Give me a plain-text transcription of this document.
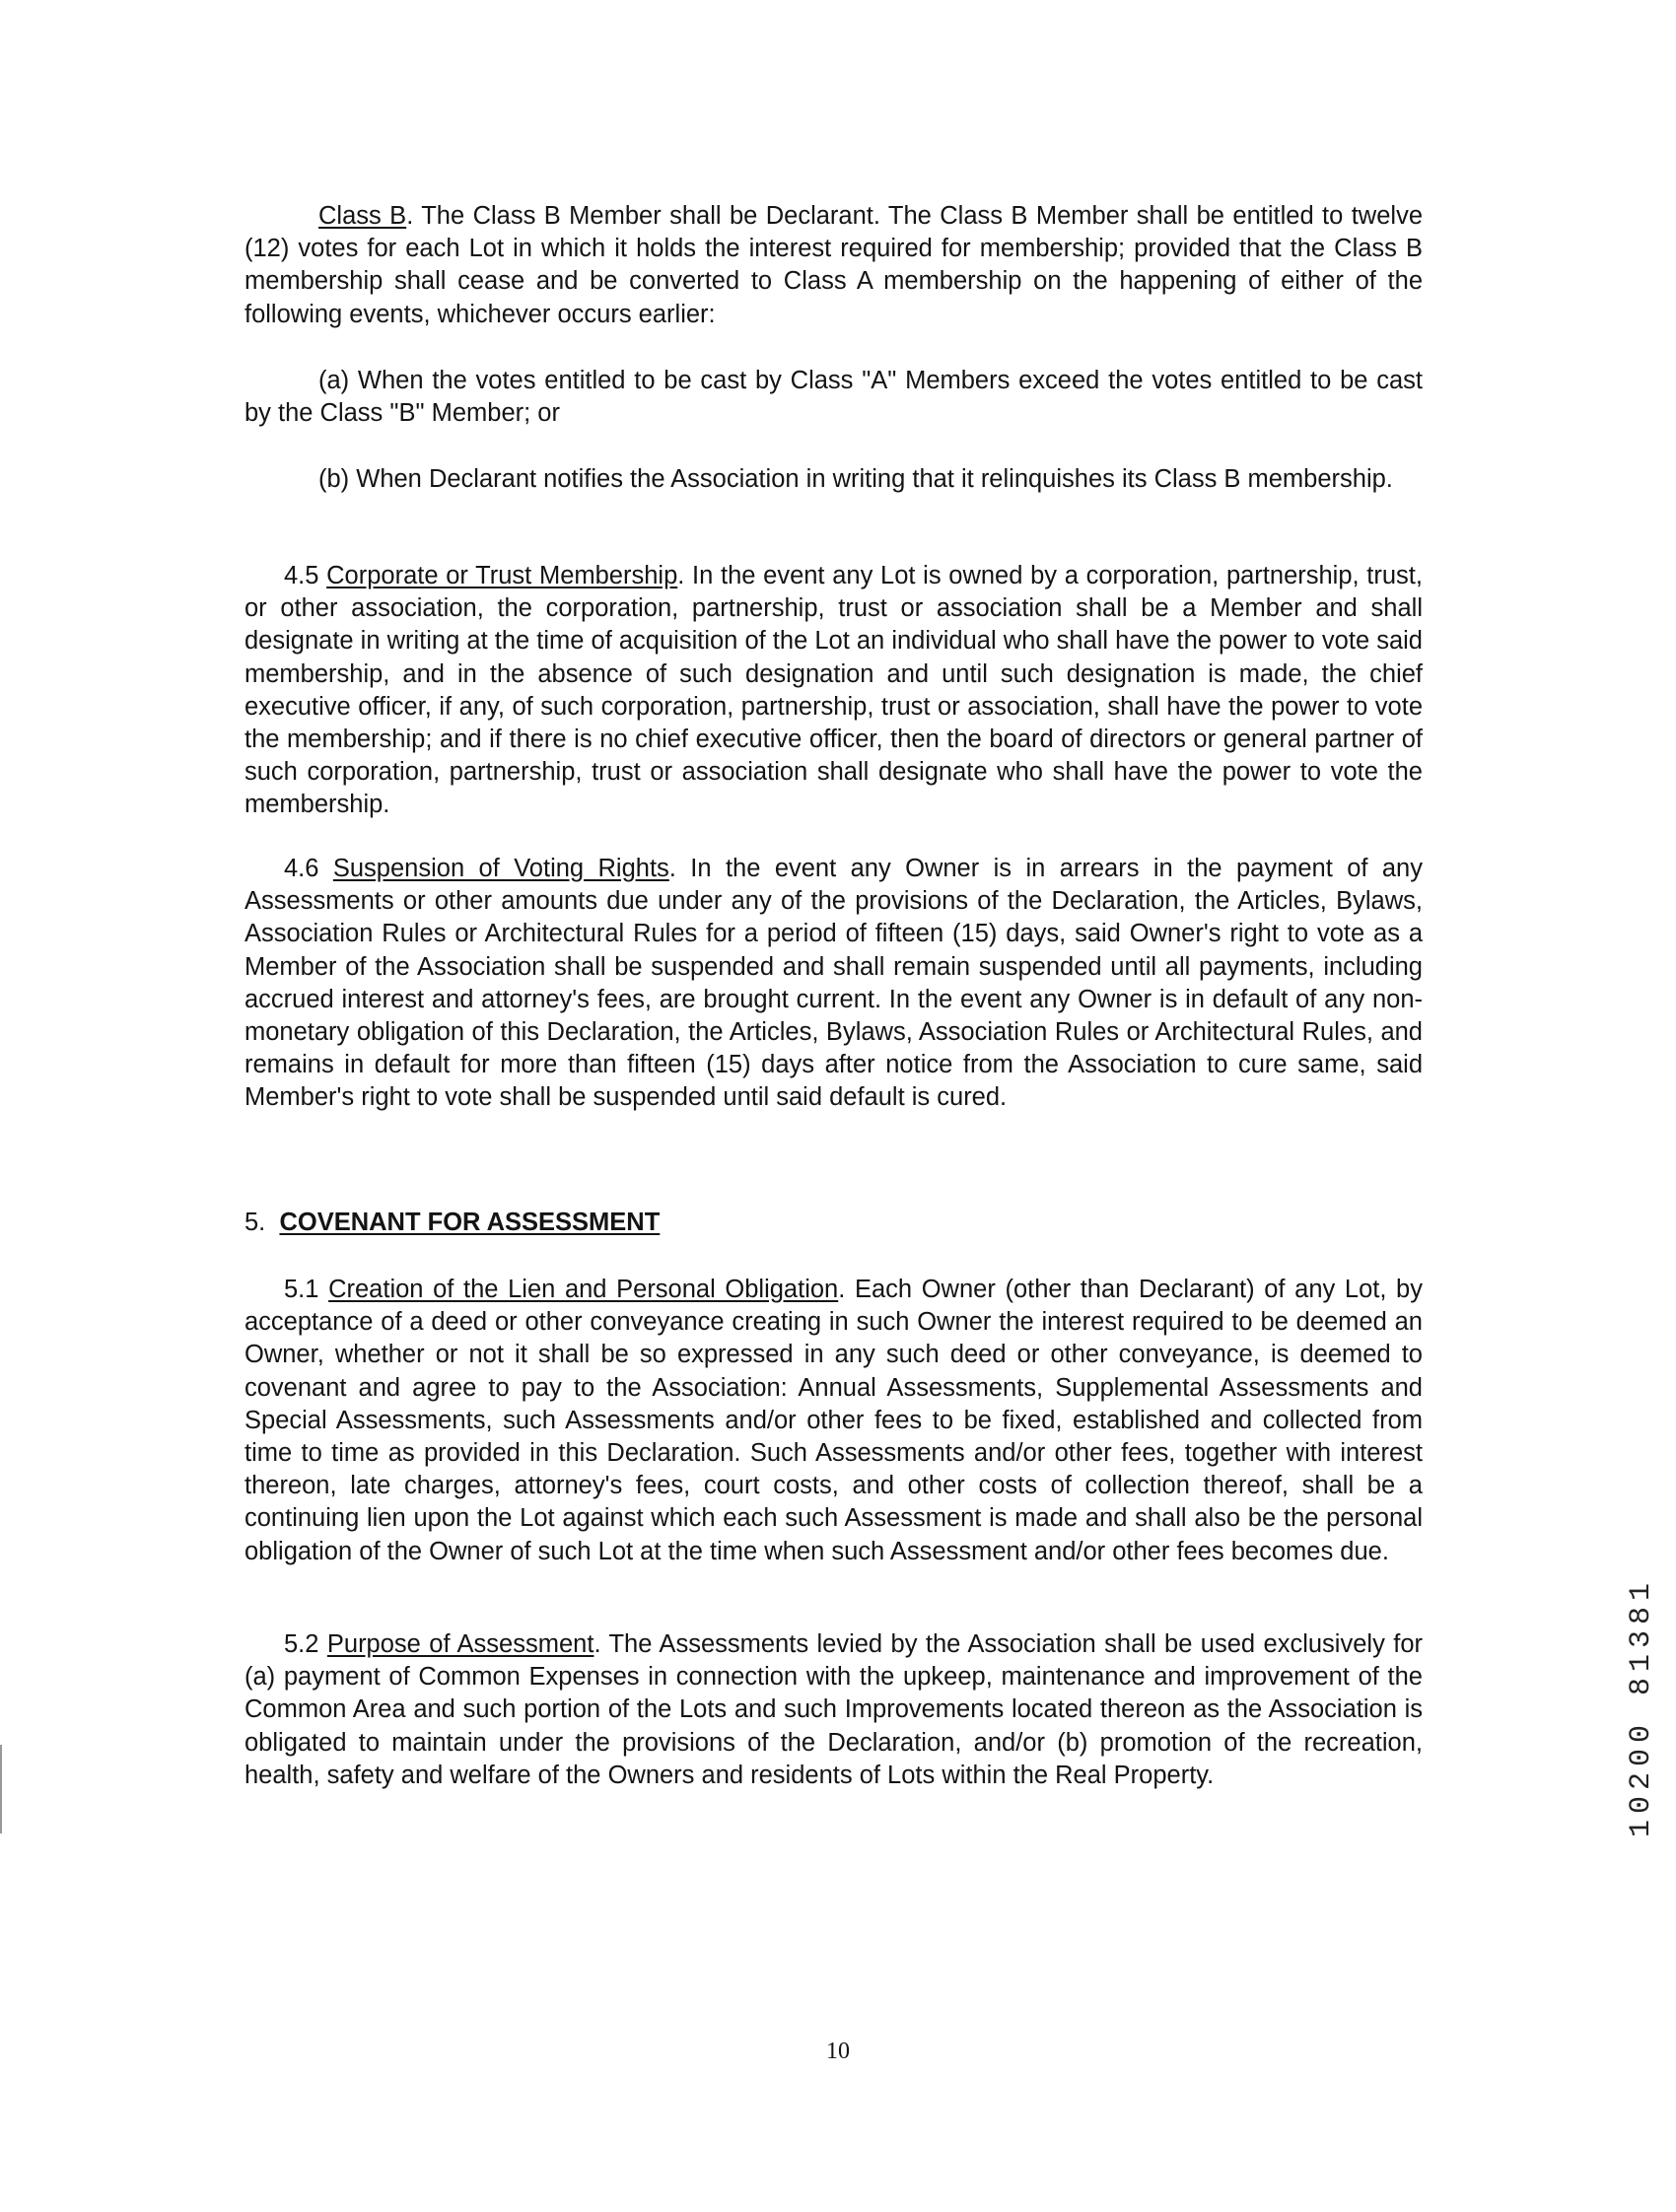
Class B. The Class B Member shall be Declarant. The Class B Member shall be entitled to twelve (12) votes for each Lot in which it holds the interest required for membership; provided that the Class B membership shall cease and be converted to Class A membership on the happening of either of the following events, whichever occurs earlier:

(a) When the votes entitled to be cast by Class "A" Members exceed the votes entitled to be cast by the Class "B" Member; or

(b) When Declarant notifies the Association in writing that it relinquishes its Class B membership.

4.5 Corporate or Trust Membership. In the event any Lot is owned by a corporation, partnership, trust, or other association, the corporation, partnership, trust or association shall be a Member and shall designate in writing at the time of acquisition of the Lot an individual who shall have the power to vote said membership, and in the absence of such designation and until such designation is made, the chief executive officer, if any, of such corporation, partnership, trust or association, shall have the power to vote the membership; and if there is no chief executive officer, then the board of directors or general partner of such corporation, partnership, trust or association shall designate who shall have the power to vote the membership.

4.6 Suspension of Voting Rights. In the event any Owner is in arrears in the payment of any Assessments or other amounts due under any of the provisions of the Declaration, the Articles, Bylaws, Association Rules or Architectural Rules for a period of fifteen (15) days, said Owner's right to vote as a Member of the Association shall be suspended and shall remain suspended until all payments, including accrued interest and attorney's fees, are brought current. In the event any Owner is in default of any non-monetary obligation of this Declaration, the Articles, Bylaws, Association Rules or Architectural Rules, and remains in default for more than fifteen (15) days after notice from the Association to cure same, said Member's right to vote shall be suspended until said default is cured.

5. COVENANT FOR ASSESSMENT

5.1 Creation of the Lien and Personal Obligation. Each Owner (other than Declarant) of any Lot, by acceptance of a deed or other conveyance creating in such Owner the interest required to be deemed an Owner, whether or not it shall be so expressed in any such deed or other conveyance, is deemed to covenant and agree to pay to the Association: Annual Assessments, Supplemental Assessments and Special Assessments, such Assessments and/or other fees to be fixed, established and collected from time to time as provided in this Declaration. Such Assessments and/or other fees, together with interest thereon, late charges, attorney's fees, court costs, and other costs of collection thereof, shall be a continuing lien upon the Lot against which each such Assessment is made and shall also be the personal obligation of the Owner of such Lot at the time when such Assessment and/or other fees becomes due.

5.2 Purpose of Assessment. The Assessments levied by the Association shall be used exclusively for (a) payment of Common Expenses in connection with the upkeep, maintenance and improvement of the Common Area and such portion of the Lots and such Improvements located thereon as the Association is obligated to maintain under the provisions of the Declaration, and/or (b) promotion of the recreation, health, safety and welfare of the Owners and residents of Lots within the Real Property.

10
10200 81381
